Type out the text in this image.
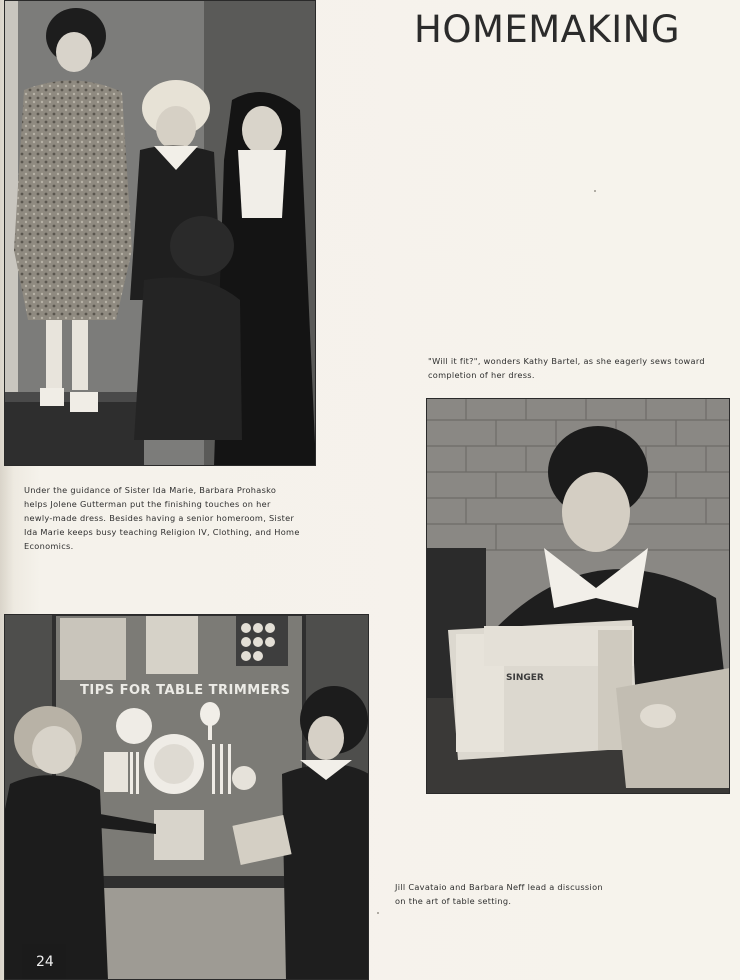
HOMEMAKING
Under the guidance of Sister Ida Marie, Barbara Prohasko helps Jolene Gutterman put the finishing touches on her newly-made dress. Besides having a senior homeroom, Sister Ida Marie keeps busy teaching Religion IV, Clothing, and Home Economics.
"Will it fit?", wonders Kathy Bartel, as she eagerly sews toward completion of her dress.
SINGER
TIPS FOR TABLE TRIMMERS
Jill Cavataio and Barbara Neff lead a discussion on the art of table setting.
24
